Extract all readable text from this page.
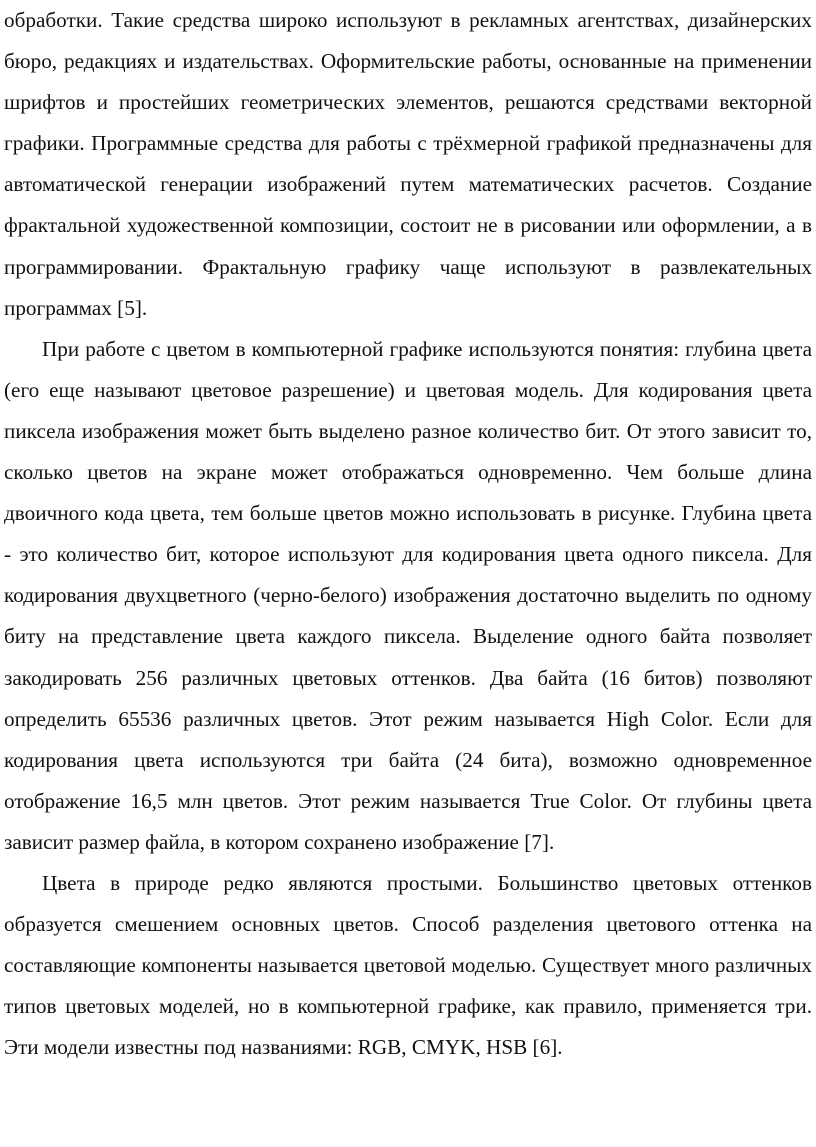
обработки. Такие средства широко используют в рекламных агентствах, дизайнерских бюро, редакциях и издательствах. Оформительские работы, основанные на применении шрифтов и простейших геометрических элементов, решаются средствами векторной графики. Программные средства для работы с трёхмерной графикой предназначены для автоматической генерации изображений путем математических расчетов. Создание фрактальной художественной композиции, состоит не в рисовании или оформлении, а в программировании. Фрактальную графику чаще используют в развлекательных программах [5].

При работе с цветом в компьютерной графике используются понятия: глубина цвета (его еще называют цветовое разрешение) и цветовая модель. Для кодирования цвета пиксела изображения может быть выделено разное количество бит. От этого зависит то, сколько цветов на экране может отображаться одновременно. Чем больше длина двоичного кода цвета, тем больше цветов можно использовать в рисунке. Глубина цвета - это количество бит, которое используют для кодирования цвета одного пиксела. Для кодирования двухцветного (черно-белого) изображения достаточно выделить по одному биту на представление цвета каждого пиксела. Выделение одного байта позволяет закодировать 256 различных цветовых оттенков. Два байта (16 битов) позволяют определить 65536 различных цветов. Этот режим называется High Color. Если для кодирования цвета используются три байта (24 бита), возможно одновременное отображение 16,5 млн цветов. Этот режим называется True Color. От глубины цвета зависит размер файла, в котором сохранено изображение [7].

Цвета в природе редко являются простыми. Большинство цветовых оттенков образуется смешением основных цветов. Способ разделения цветового оттенка на составляющие компоненты называется цветовой моделью. Существует много различных типов цветовых моделей, но в компьютерной графике, как правило, применяется три. Эти модели известны под названиями: RGB, CMYK, HSB [6].
